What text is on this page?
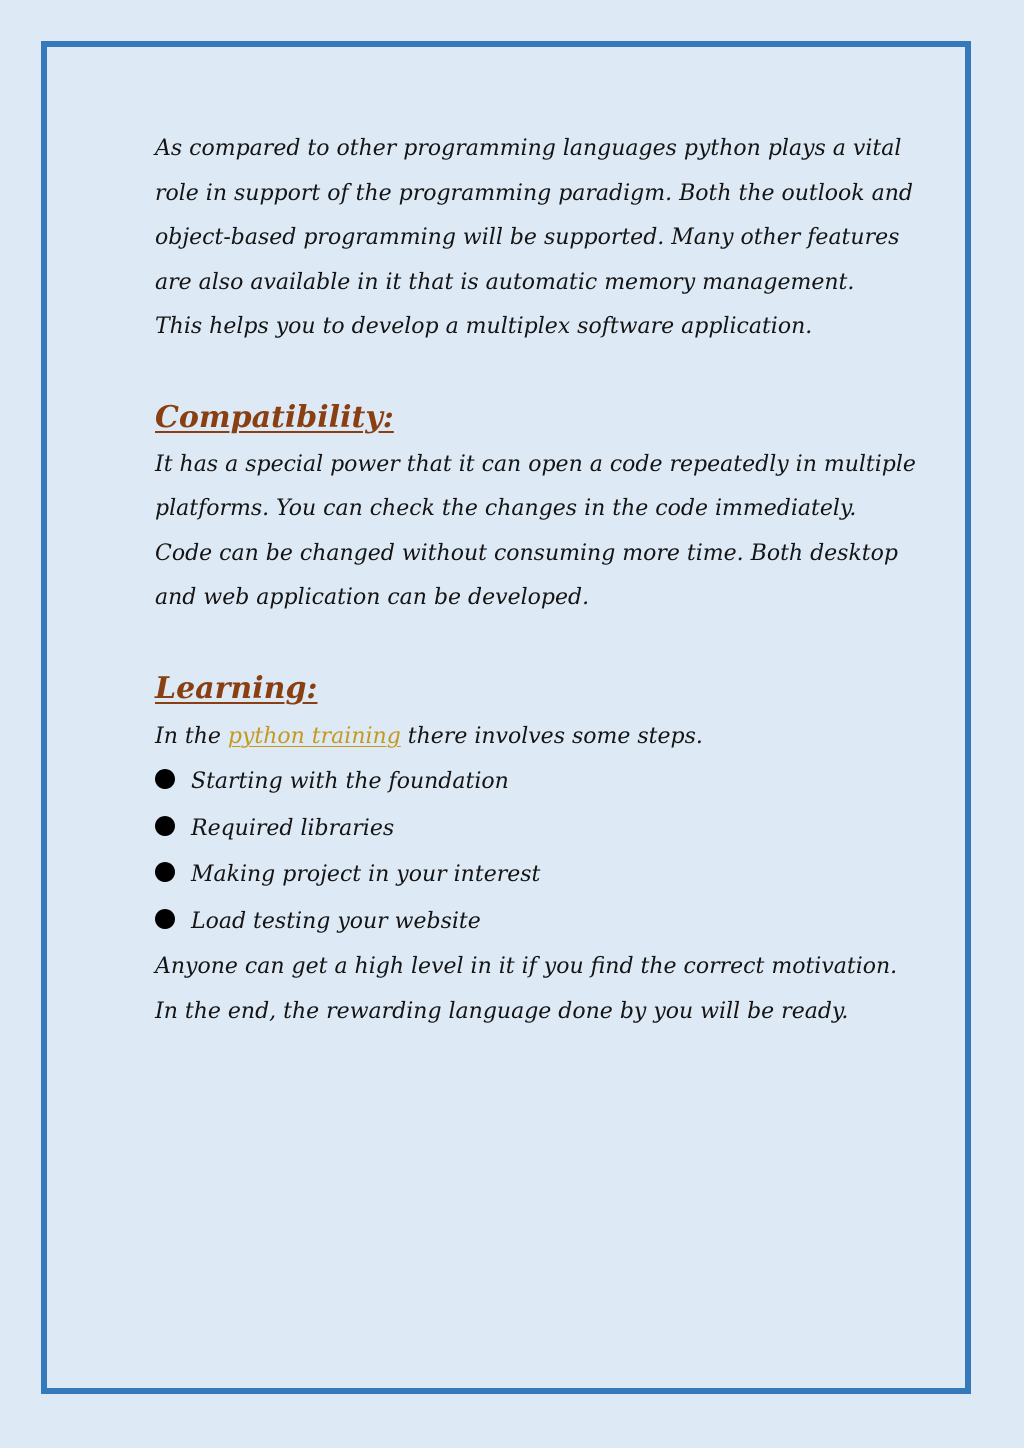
As compared to other programming languages python plays a vital
role in support of the programming paradigm. Both the outlook and
object-based programming will be supported. Many other features
are also available in it that is automatic memory management.
This helps you to develop a multiplex software application.

Compatibility:

It has a special power that it can open a code repeatedly in multiple
platforms. You can check the changes in the code immediately.
Code can be changed without consuming more time. Both desktop
and web application can be developed.

Learning:

In the python training there involves some steps.

Starting with the foundation
Required libraries
Making project in your interest
Load testing your website

Anyone can get a high level in it if you find the correct motivation.
In the end, the rewarding language done by you will be ready.
